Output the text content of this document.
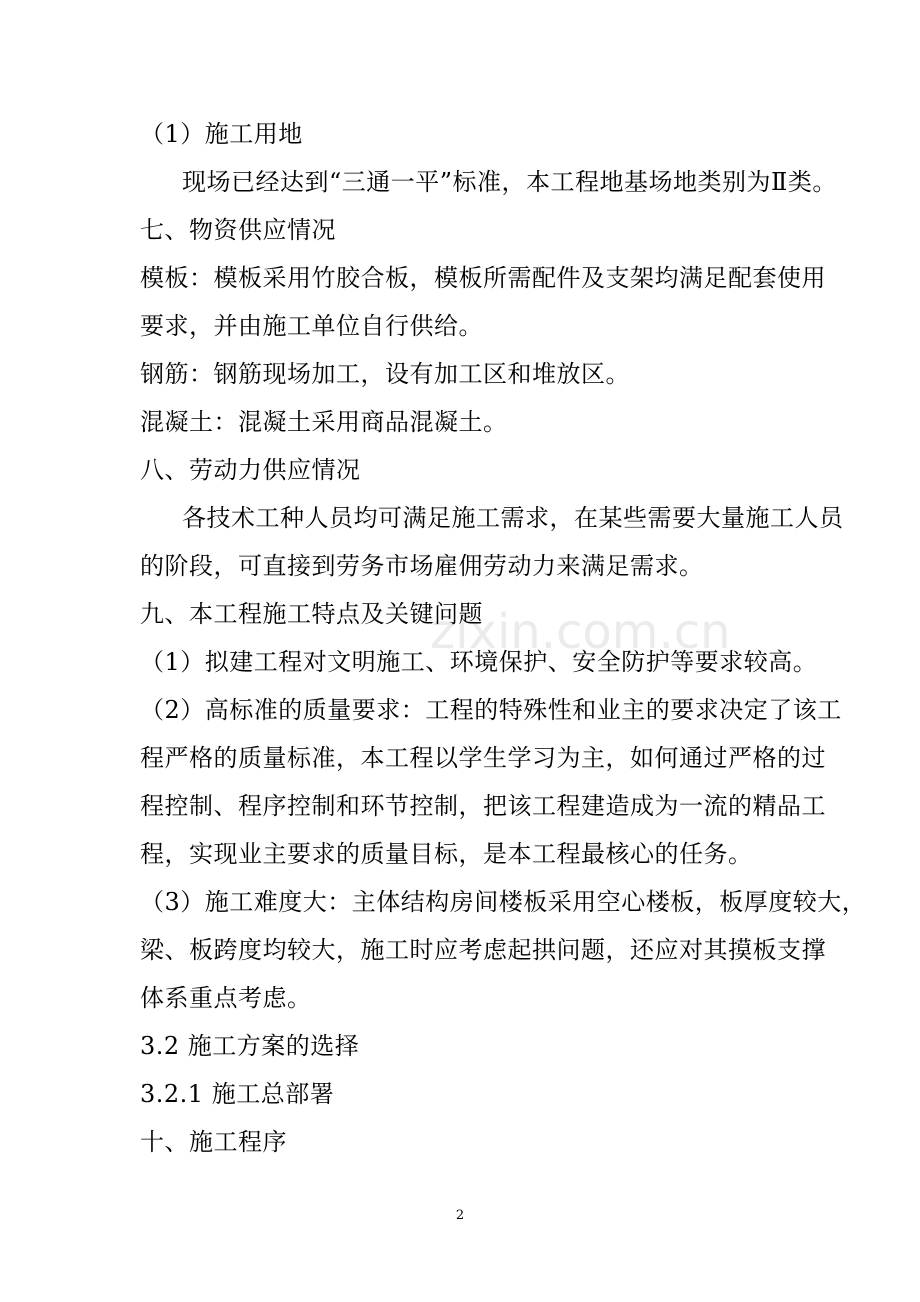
zixin.com.cn
（1）施工用地
现场已经达到“三通一平”标准，本工程地基场地类别为Ⅱ类。
七、物资供应情况
模板：模板采用竹胶合板，模板所需配件及支架均满足配套使用
要求，并由施工单位自行供给。
钢筋：钢筋现场加工，设有加工区和堆放区。
混凝土：混凝土采用商品混凝土。
八、劳动力供应情况
各技术工种人员均可满足施工需求，在某些需要大量施工人员
的阶段，可直接到劳务市场雇佣劳动力来满足需求。
九、本工程施工特点及关键问题
（1）拟建工程对文明施工、环境保护、安全防护等要求较高。
（2）高标准的质量要求：工程的特殊性和业主的要求决定了该工
程严格的质量标准，本工程以学生学习为主，如何通过严格的过
程控制、程序控制和环节控制，把该工程建造成为一流的精品工
程，实现业主要求的质量目标，是本工程最核心的任务。
（3）施工难度大：主体结构房间楼板采用空心楼板，板厚度较大，
梁、板跨度均较大，施工时应考虑起拱问题，还应对其摸板支撑
体系重点考虑。
3.2 施工方案的选择
3.2.1 施工总部署
十、施工程序
2
